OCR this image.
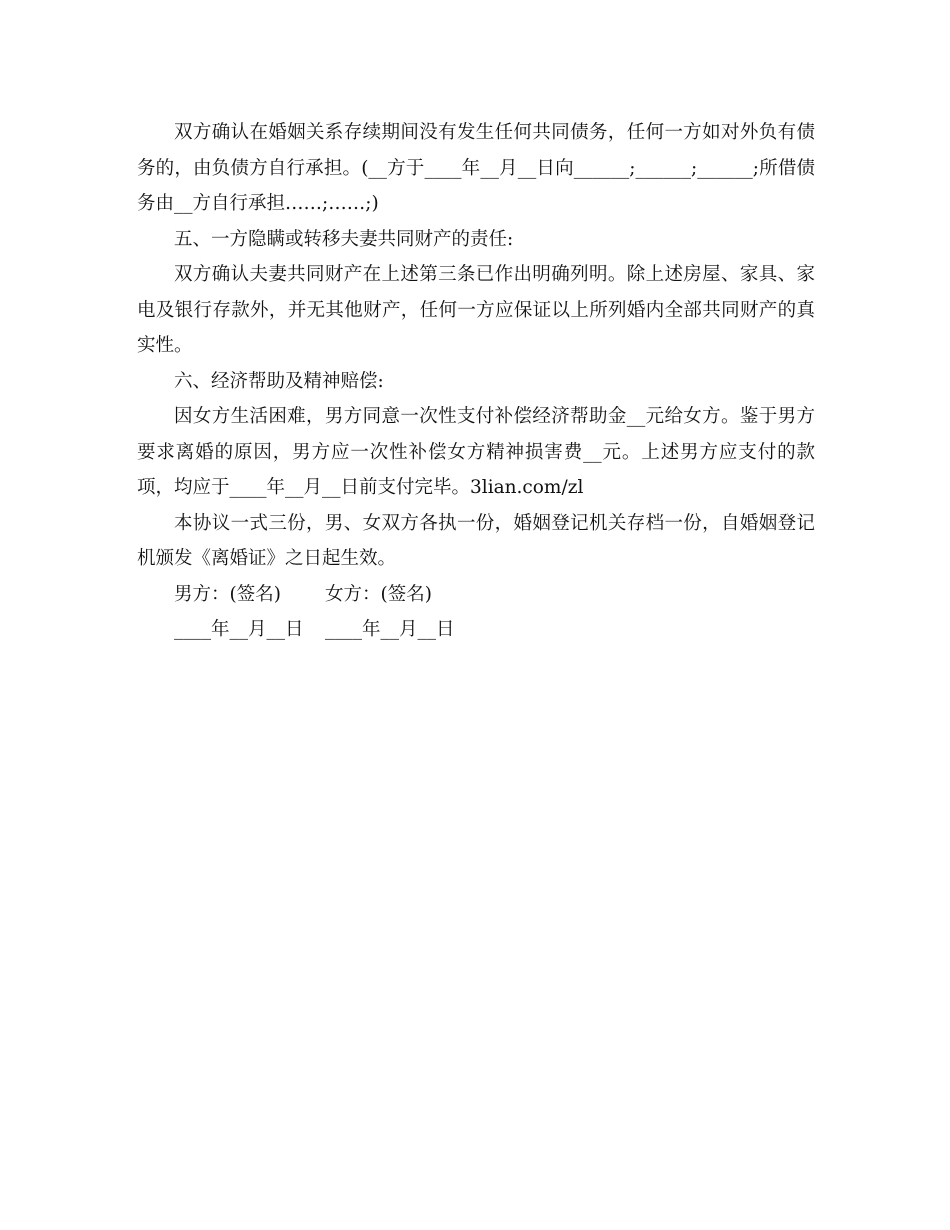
双方确认在婚姻关系存续期间没有发生任何共同债务，任何一方如对外负有债务的，由负债方自行承担。(__方于____年__月__日向______;______;______;所借债务由__方自行承担……;……;)

五、一方隐瞒或转移夫妻共同财产的责任:

双方确认夫妻共同财产在上述第三条已作出明确列明。除上述房屋、家具、家电及银行存款外，并无其他财产，任何一方应保证以上所列婚内全部共同财产的真实性。

六、经济帮助及精神赔偿:

因女方生活困难，男方同意一次性支付补偿经济帮助金__元给女方。鉴于男方要求离婚的原因，男方应一次性补偿女方精神损害费__元。上述男方应支付的款项，均应于____年__月__日前支付完毕。3lian.com/zl

本协议一式三份，男、女双方各执一份，婚姻登记机关存档一份，自婚姻登记机颁发《离婚证》之日起生效。

男方：(签名) 女方：(签名)
____年__月__日 ____年__月__日
